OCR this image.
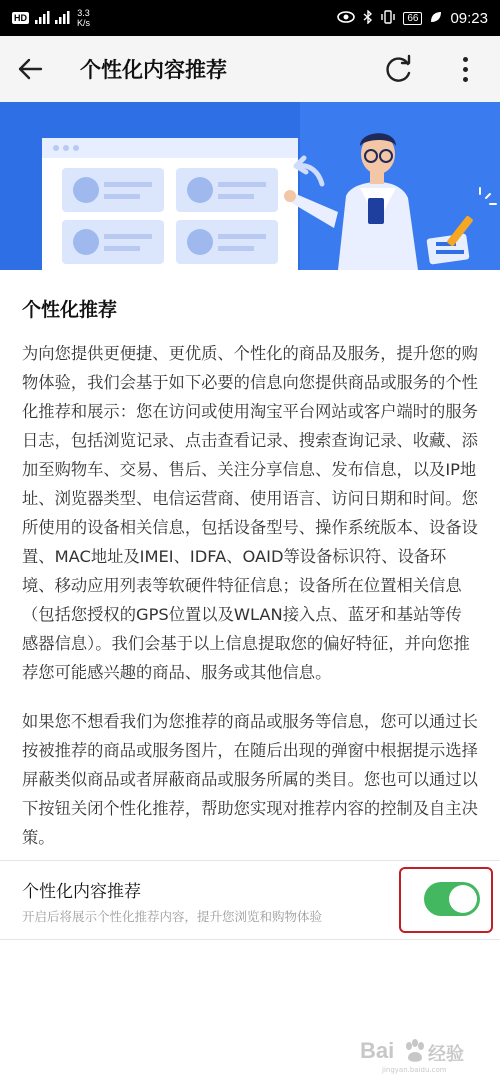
HD	3.3
K/s	66 09:23
个性化内容推荐
个性化推荐

为向您提供更便捷、更优质、个性化的商品及服务，提升您的购物体验，我们会基于如下必要的信息向您提供商品或服务的个性化推荐和展示：您在访问或使用淘宝平台网站或客户端时的服务日志，包括浏览记录、点击查看记录、搜索查询记录、收藏、添加至购物车、交易、售后、关注分享信息、发布信息，以及IP地址、浏览器类型、电信运营商、使用语言、访问日期和时间。您所使用的设备相关信息，包括设备型号、操作系统版本、设备设置、MAC地址及IMEI、IDFA、OAID等设备标识符、设备环境、移动应用列表等软硬件特征信息；设备所在位置相关信息（包括您授权的GPS位置以及WLAN接入点、蓝牙和基站等传感器信息）。我们会基于以上信息提取您的偏好特征，并向您推荐您可能感兴趣的商品、服务或其他信息。

如果您不想看我们为您推荐的商品或服务等信息，您可以通过长按被推荐的商品或服务图片，在随后出现的弹窗中根据提示选择屏蔽类似商品或者屏蔽商品或服务所属的类目。您也可以通过以下按钮关闭个性化推荐，帮助您实现对推荐内容的控制及自主决策。

个性化内容推荐
开启后将展示个性化推荐内容，提升您浏览和购物体验
Bai 经验
jingyan.baidu.com
